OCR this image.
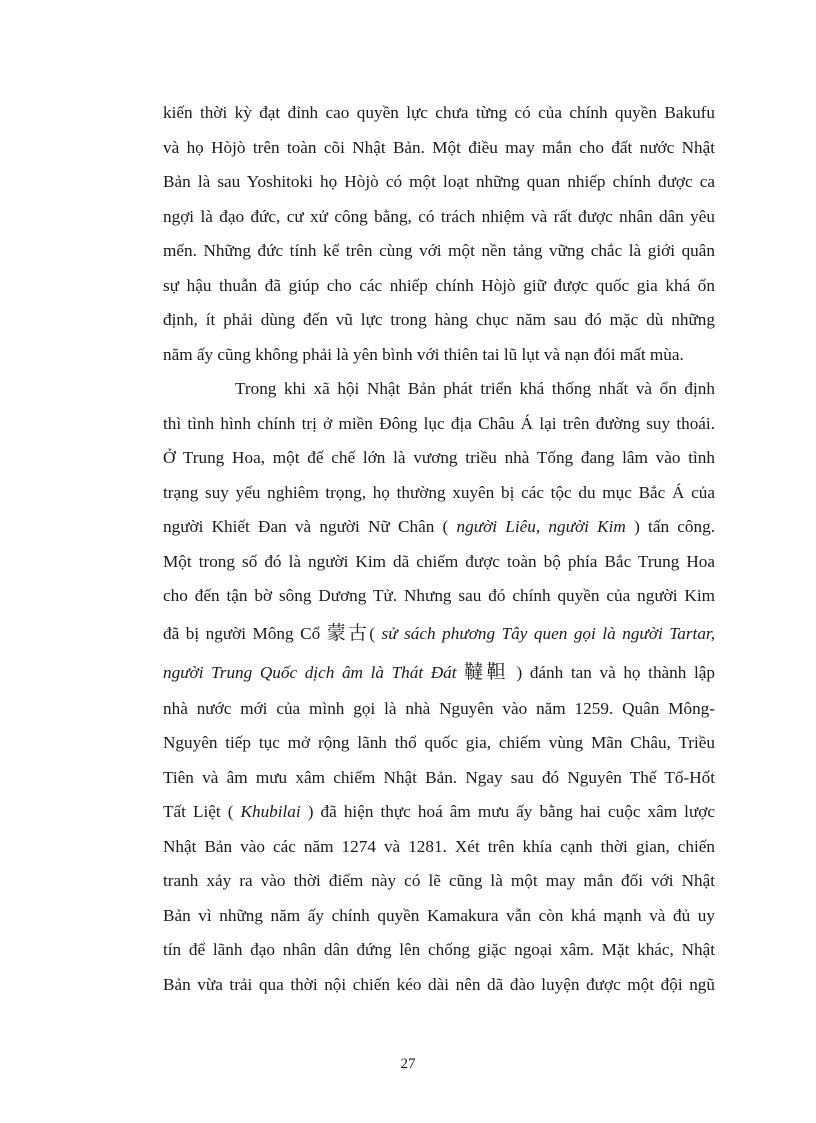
kiến thời kỳ đạt đỉnh cao quyền lực chưa từng có của chính quyền Bakufu
và họ Hòjò trên toàn cõi Nhật Bản. Một điều may mắn cho đất nước Nhật
Bản là sau Yoshitoki họ Hòjò có một loạt những quan nhiếp chính được ca
ngợi là đạo đức, cư xử công bằng, có trách nhiệm và rất được nhân dân yêu
mến. Những đức tính kể trên cùng với một nền tảng vững chắc là giới quân
sự hậu thuẫn đã giúp cho các nhiếp chính Hòjò giữ được quốc gia khá ổn
định, ít phải dùng đến vũ lực trong hàng chục năm sau đó mặc dù những
năm ấy cũng không phải là yên bình với thiên tai lũ lụt và nạn đói mất mùa.
Trong khi xã hội Nhật Bản phát triển khá thống nhất và ổn định
thì tình hình chính trị ở miền Đông lục địa Châu Á lại trên đường suy thoái.
Ở Trung Hoa, một đế chế lớn là vương triều nhà Tống đang lâm vào tình
trạng suy yếu nghiêm trọng, họ thường xuyên bị các tộc du mục Bắc Á của
người Khiết Đan và người Nữ Chân ( người Liêu, người Kim ) tấn công.
Một trong số đó là người Kim dã chiếm được toàn bộ phía Bắc Trung Hoa
cho đến tận bờ sông Dương Tử. Nhưng sau đó chính quyền của người Kim
đã bị người Mông Cổ 蒙古( sử sách phương Tây quen gọi là người Tartar,
người Trung Quốc dịch âm là Thát Đát 韃靼 ) đánh tan và họ thành lập
nhà nước mới của mình gọi là nhà Nguyên vào năm 1259. Quân Mông-
Nguyên tiếp tục mở rộng lãnh thổ quốc gia, chiếm vùng Mãn Châu, Triều
Tiên và âm mưu xâm chiếm Nhật Bản. Ngay sau đó Nguyên Thế Tổ-Hốt
Tất Liệt ( Khubilai ) đã hiện thực hoá âm mưu ấy bằng hai cuộc xâm lược
Nhật Bản vào các năm 1274 và 1281. Xét trên khía cạnh thời gian, chiến
tranh xảy ra vào thời điểm này có lẽ cũng là một may mắn đối với Nhật
Bản vì những năm ấy chính quyền Kamakura vẫn còn khá mạnh và đủ uy
tín để lãnh đạo nhân dân đứng lên chống giặc ngoại xâm. Mặt khác, Nhật
Bản vừa trải qua thời nội chiến kéo dài nên dã đào luyện được một đội ngũ
27
